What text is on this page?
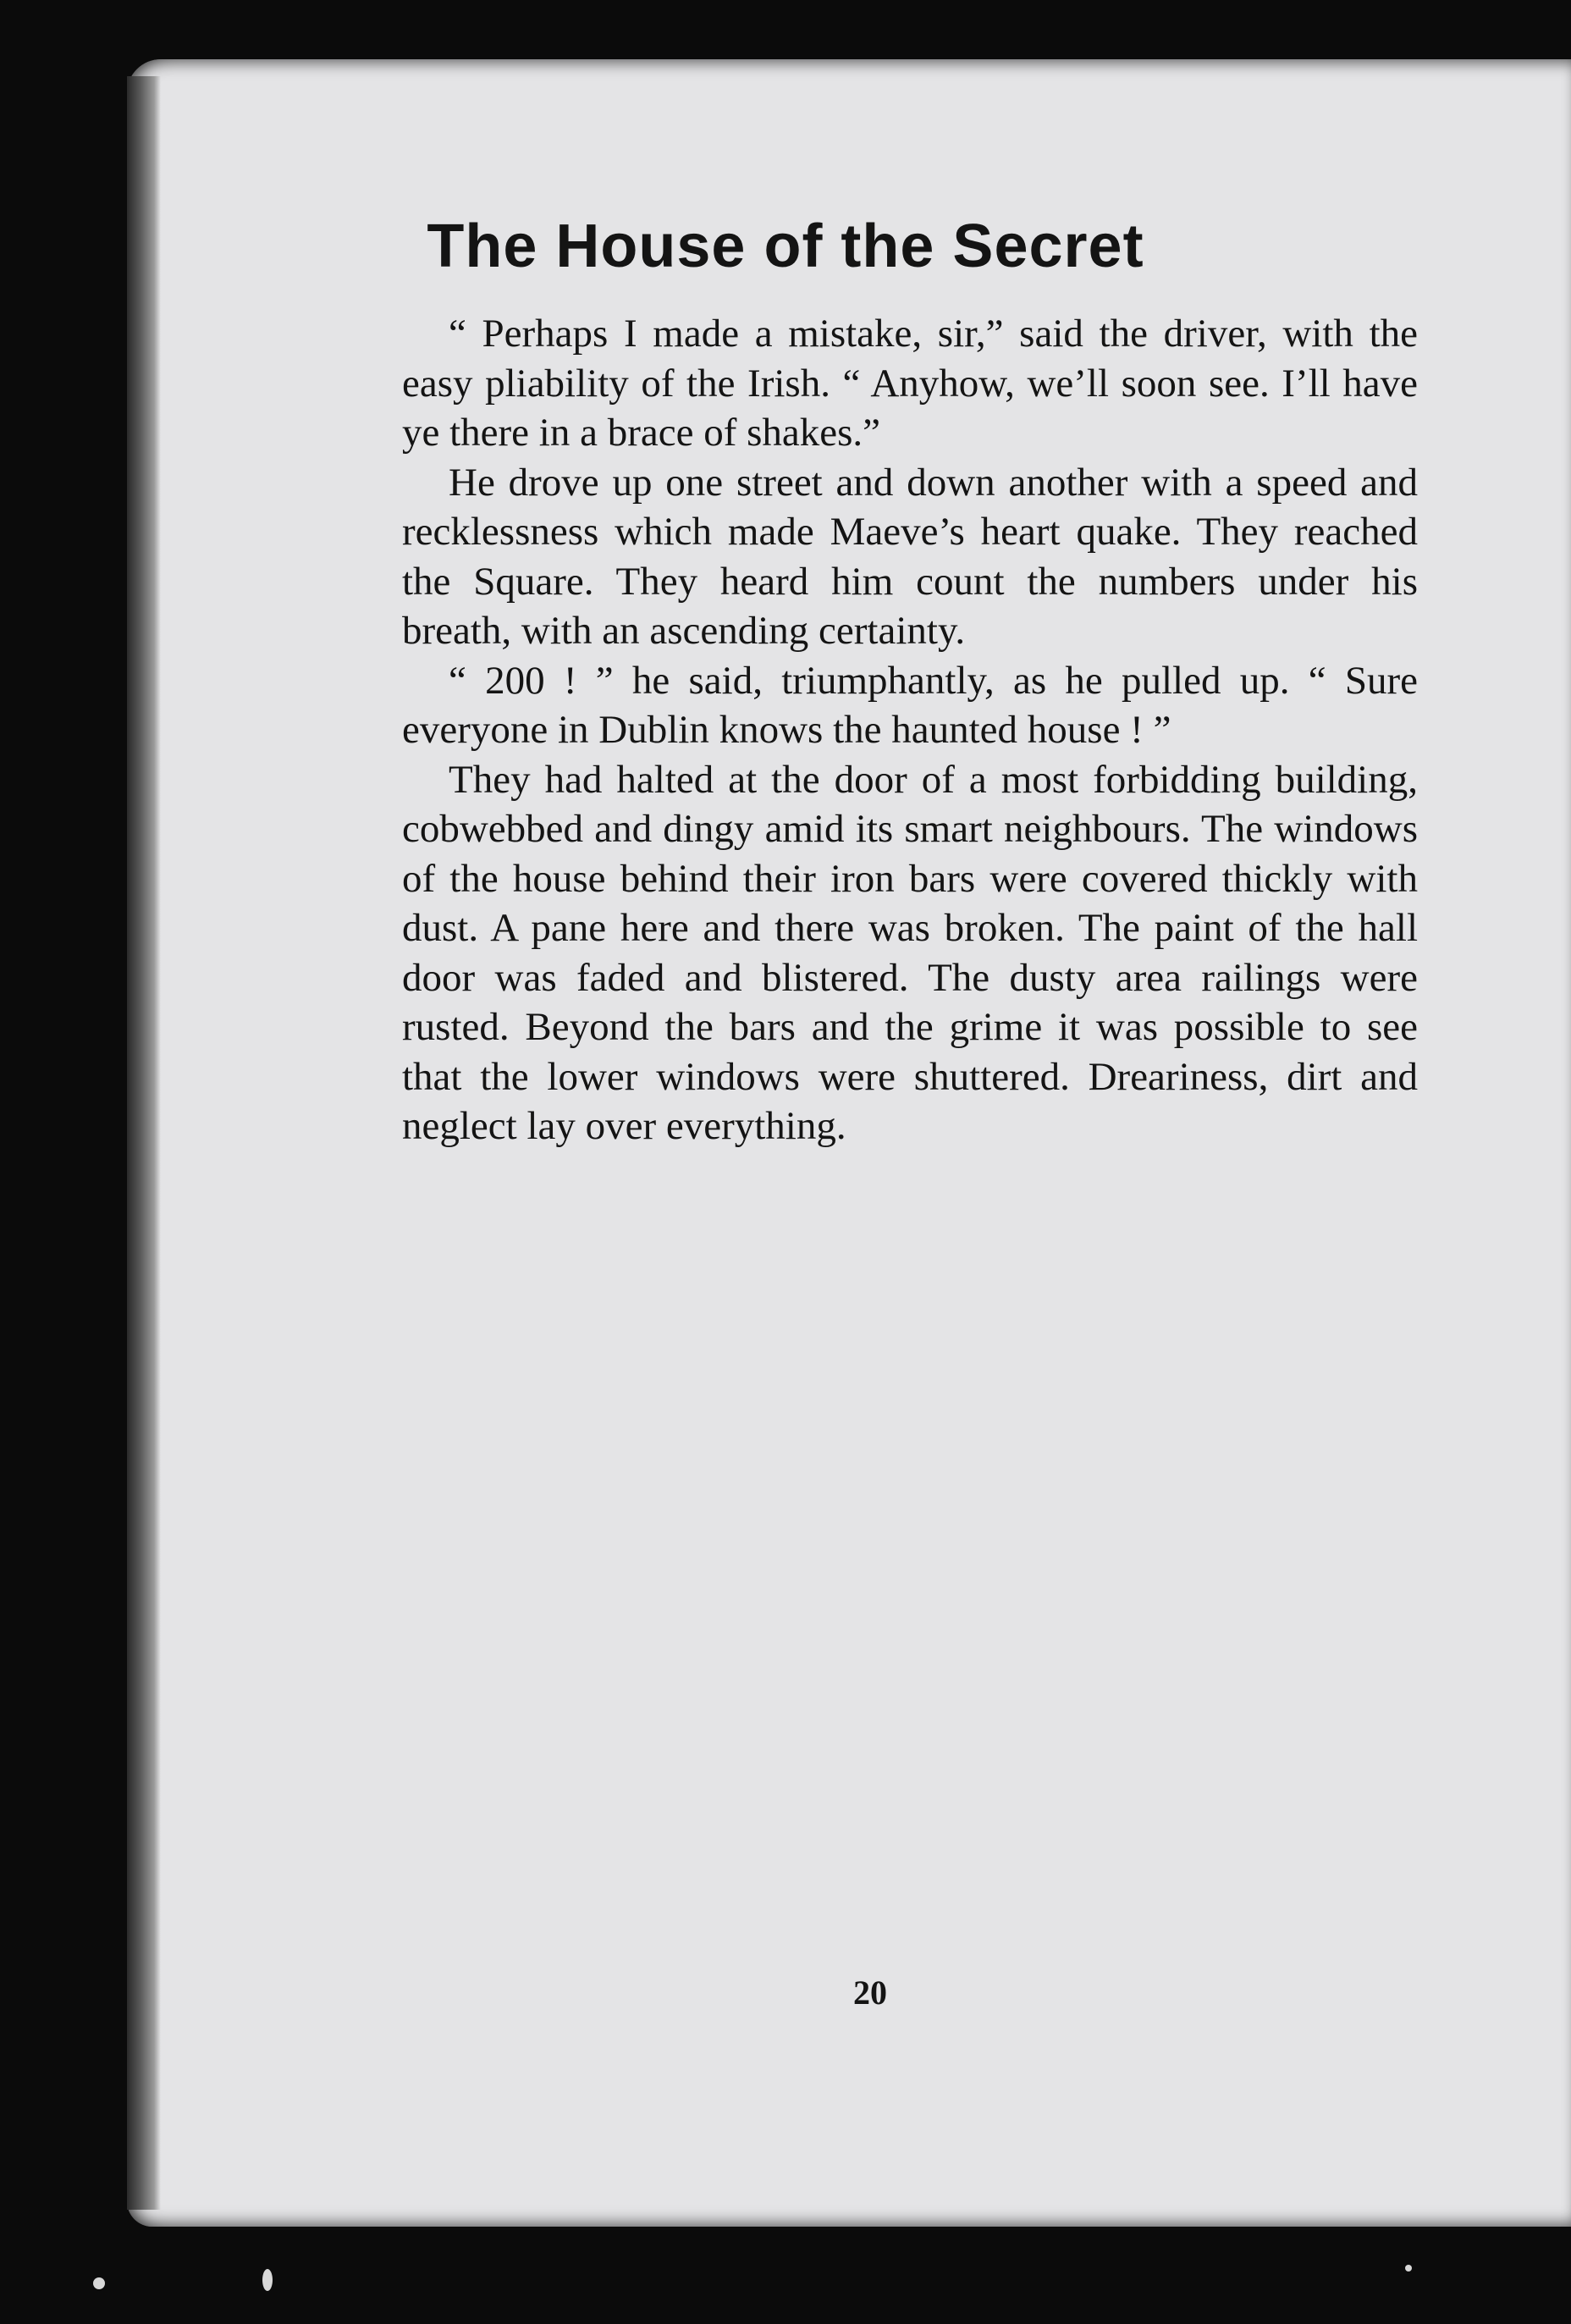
The House of the Secret

“ Perhaps I made a mistake, sir,” said the driver, with the easy pliability of the Irish. “ Anyhow, we’ll soon see. I’ll have ye there in a brace of shakes.”

He drove up one street and down another with a speed and recklessness which made Maeve’s heart quake. They reached the Square. They heard him count the numbers under his breath, with an ascending certainty.

“ 200 ! ” he said, triumphantly, as he pulled up. “ Sure everyone in Dublin knows the haunted house ! ”

They had halted at the door of a most forbidding building, cobwebbed and dingy amid its smart neighbours. The windows of the house behind their iron bars were covered thickly with dust. A pane here and there was broken. The paint of the hall door was faded and blistered. The dusty area railings were rusted. Beyond the bars and the grime it was possible to see that the lower windows were shuttered. Dreariness, dirt and neglect lay over everything.

20
